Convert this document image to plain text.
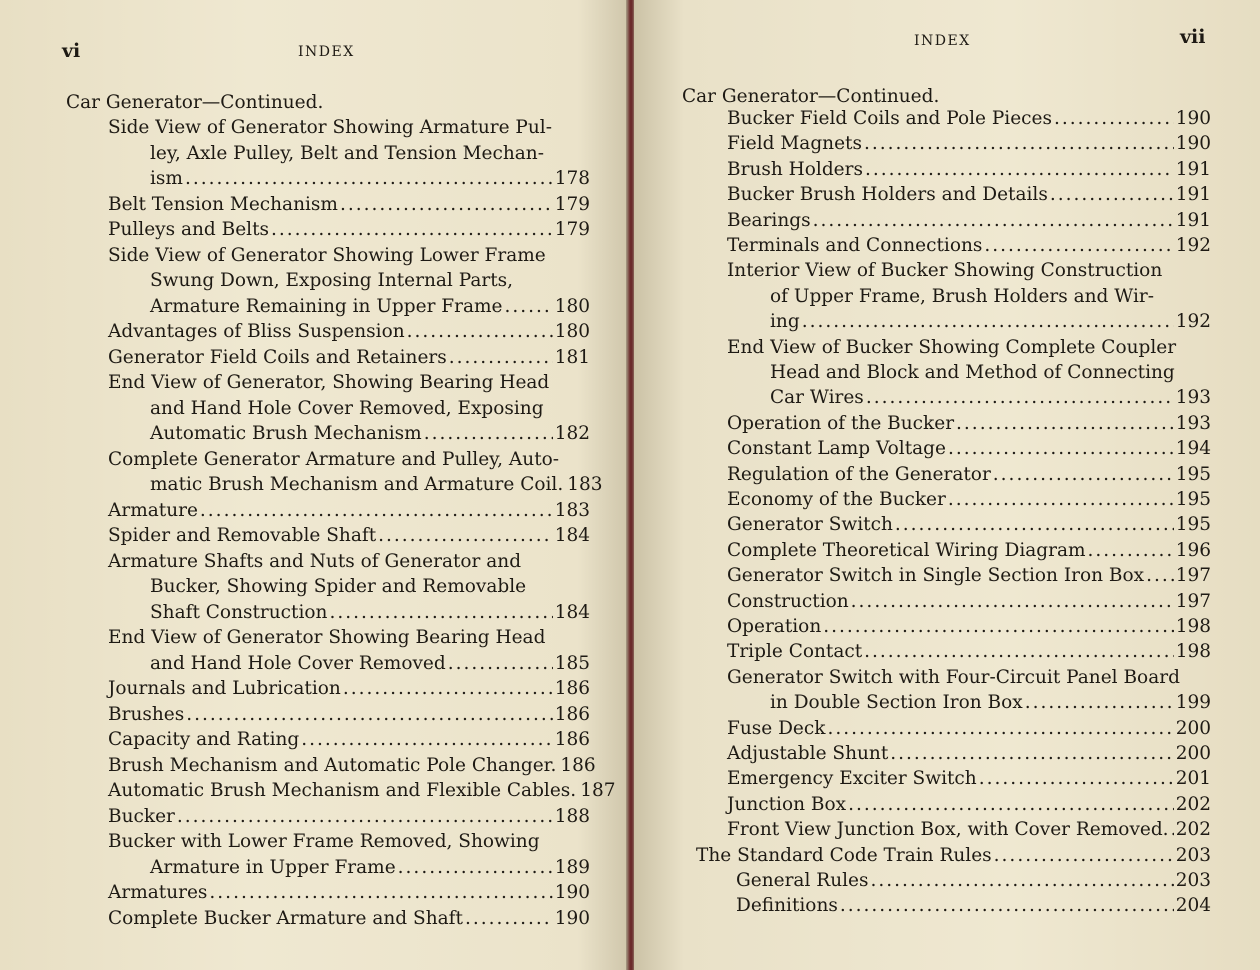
vi	INDEX
Car Generator—Continued.
Side View of Generator Showing Armature Pul-
ley, Axle Pulley, Belt and Tension Mechan-
ism .....	178
Belt Tension Mechanism .....	179
Pulleys and Belts .....	179
Side View of Generator Showing Lower Frame
Swung Down, Exposing Internal Parts,
Armature Remaining in Upper Frame .....	180
Advantages of Bliss Suspension .....	180
Generator Field Coils and Retainers .....	181
End View of Generator, Showing Bearing Head
and Hand Hole Cover Removed, Exposing
Automatic Brush Mechanism .....	182
Complete Generator Armature and Pulley, Auto-
matic Brush Mechanism and Armature Coil. 183
Armature .....	183
Spider and Removable Shaft .....	184
Armature Shafts and Nuts of Generator and
Bucker, Showing Spider and Removable
Shaft Construction .....	184
End View of Generator Showing Bearing Head
and Hand Hole Cover Removed .....	185
Journals and Lubrication .....	186
Brushes .....	186
Capacity and Rating .....	186
Brush Mechanism and Automatic Pole Changer. 186
Automatic Brush Mechanism and Flexible Cables. 187
Bucker .....	188
Bucker with Lower Frame Removed, Showing
Armature in Upper Frame .....	189
Armatures .....	190
Complete Bucker Armature and Shaft .....	190
INDEX	vii
Car Generator—Continued.
Bucker Field Coils and Pole Pieces .....	190
Field Magnets .....	190
Brush Holders .....	191
Bucker Brush Holders and Details .....	191
Bearings .....	191
Terminals and Connections .....	192
Interior View of Bucker Showing Construction
of Upper Frame, Brush Holders and Wir-
ing .....	192
End View of Bucker Showing Complete Coupler
Head and Block and Method of Connecting
Car Wires .....	193
Operation of the Bucker .....	193
Constant Lamp Voltage .....	194
Regulation of the Generator .....	195
Economy of the Bucker .....	195
Generator Switch .....	195
Complete Theoretical Wiring Diagram .....	196
Generator Switch in Single Section Iron Box ..... 197
Construction .....	197
Operation .....	198
Triple Contact .....	198
Generator Switch with Four-Circuit Panel Board
in Double Section Iron Box .....	199
Fuse Deck .....	200
Adjustable Shunt .....	200
Emergency Exciter Switch .....	201
Junction Box .....	202
Front View Junction Box, with Cover Removed. ..... 202
The Standard Code Train Rules .....	203
General Rules .....	203
Definitions .....	204
